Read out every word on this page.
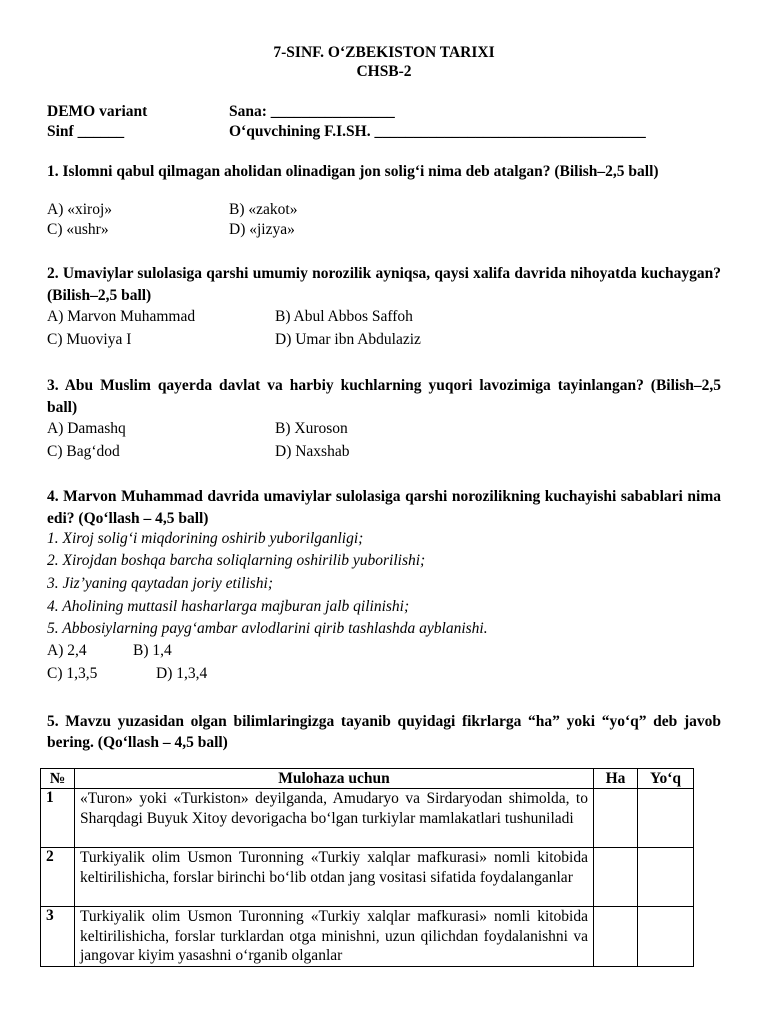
7-SINF. O‘ZBEKISTON TARIXI
CHSB-2
DEMO variant	Sana: ________________
Sinf ______	O‘quvchining F.I.SH. ___________________________________
1. Islomni qabul qilmagan aholidan olinadigan jon solig‘i nima deb atalgan? (Bilish–2,5 ball)
A) «xiroj»	B) «zakot»
C) «ushr»	D) «jizya»
2. Umaviylar sulolasiga qarshi umumiy norozilik ayniqsa, qaysi xalifa davrida nihoyatda kuchaygan? (Bilish–2,5 ball)
A) Marvon Muhammad	B) Abul Abbos Saffoh
C) Muoviya I	D) Umar ibn Abdulaziz
3. Abu Muslim qayerda davlat va harbiy kuchlarning yuqori lavozimiga tayinlangan? (Bilish–2,5 ball)
A) Damashq	B) Xuroson
C) Bag‘dod	D) Naxshab
4. Marvon Muhammad davrida umaviylar sulolasiga qarshi norozilikning kuchayishi sabablari nima edi? (Qo‘llash – 4,5 ball)
1. Xiroj solig‘i miqdorining oshirib yuborilganligi;
2. Xirojdan boshqa barcha soliqlarning oshirilib yuborilishi;
3. Jiz’yaning qaytadan joriy etilishi;
4. Aholining muttasil hasharlarga majburan jalb qilinishi;
5. Abbosiylarning payg‘ambar avlodlarini qirib tashlashda ayblanishi.
A) 2,4	B) 1,4
C) 1,3,5	D) 1,3,4
5. Mavzu yuzasidan olgan bilimlaringizga tayanib quyidagi fikrlarga “ha” yoki “yo‘q” deb javob bering. (Qo‘llash – 4,5 ball)
№	Mulohaza uchun	Ha	Yo‘q
1	«Turon» yoki «Turkiston» deyilganda, Amudaryo va Sirdaryodan shimolda, to Sharqdagi Buyuk Xitoy devorigacha bo‘lgan turkiylar mamlakatlari tushuniladi		
2	Turkiyalik olim Usmon Turonning «Turkiy xalqlar mafkurasi» nomli kitobida keltirilishicha, forslar birinchi bo‘lib otdan jang vositasi sifatida foydalanganlar		
3	Turkiyalik olim Usmon Turonning «Turkiy xalqlar mafkurasi» nomli kitobida keltirilishicha, forslar turklardan otga minishni, uzun qilichdan foydalanishni va jangovar kiyim yasashni o‘rganib olganlar		
